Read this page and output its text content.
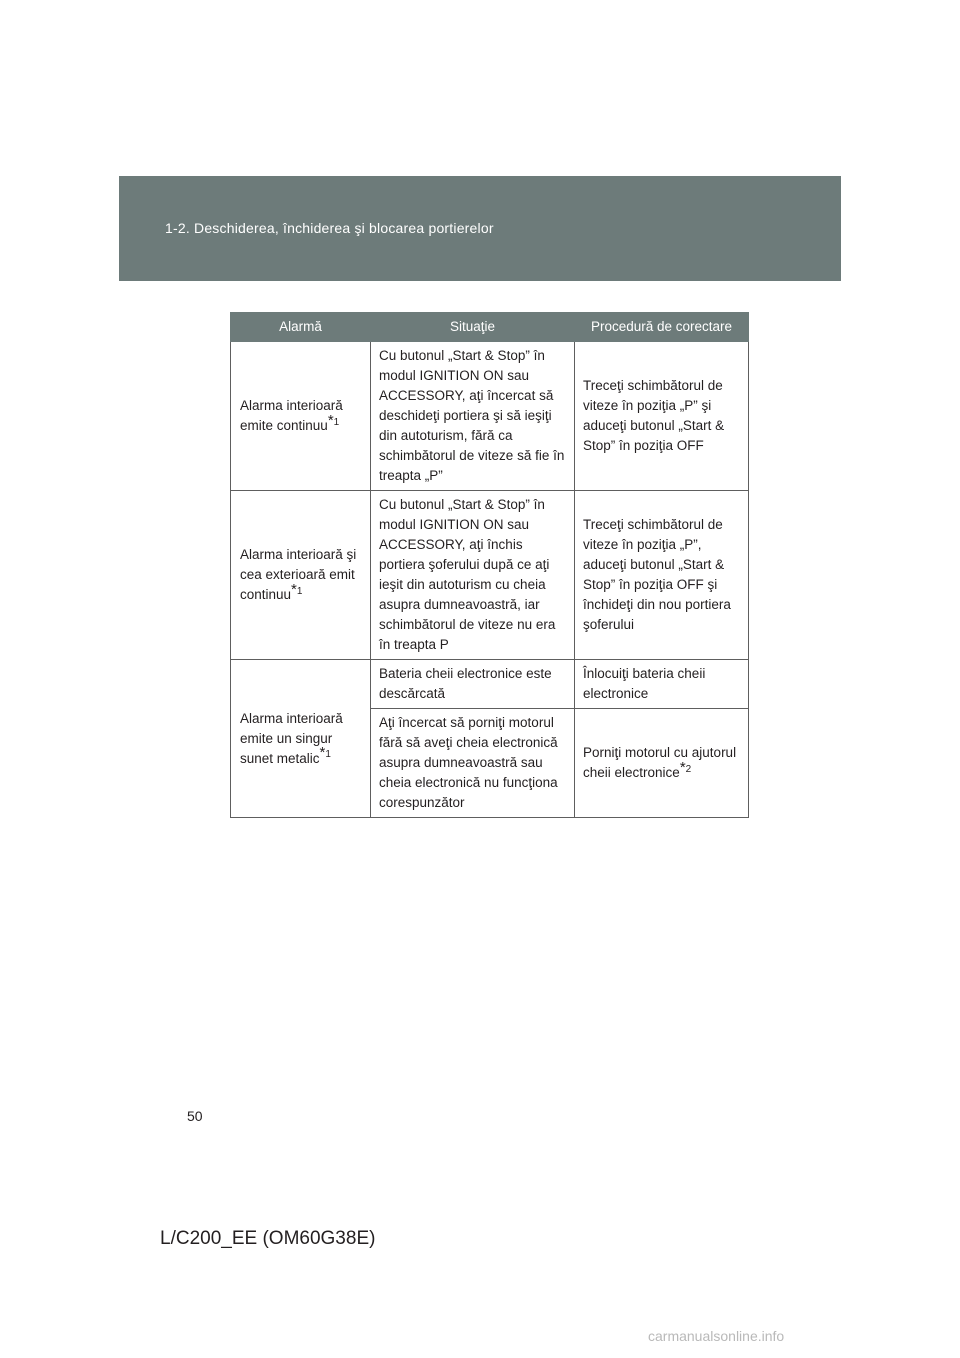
1-2. Deschiderea, închiderea şi blocarea portierelor
Alarmă	Situaţie	Procedură de corectare
Alarma interioară emite continuu$^{*1}$	Cu butonul „Start & Stop” în modul IGNITION ON sau ACCESSORY, aţi încercat să deschideţi portiera şi să ieşiţi din autoturism, fără ca schimbătorul de viteze să fie în treapta „P”	Treceţi schimbătorul de viteze în poziţia „P” şi aduceţi butonul „Start & Stop” în poziţia OFF
Alarma interioară şi cea exterioară emit continuu$^{*1}$	Cu butonul „Start & Stop” în modul IGNITION ON sau ACCESSORY, aţi închis portiera şoferului după ce aţi ieşit din autoturism cu cheia asupra dumneavoastră, iar schimbătorul de viteze nu era în treapta P	Treceţi schimbătorul de viteze în poziţia „P”, aduceţi butonul „Start & Stop” în poziţia OFF şi închideţi din nou portiera şoferului
Alarma interioară emite un singur sunet metalic$^{*1}$	Bateria cheii electronice este descărcată	Înlocuiţi bateria cheii electronice
	Aţi încercat să porniţi motorul fără să aveţi cheia electronică asupra dumneavoastră sau cheia electronică nu funcţiona corespunzător	Porniţi motorul cu ajutorul cheii electronice$^{*2}$
50
L/C200_EE (OM60G38E)
carmanualsonline.info
